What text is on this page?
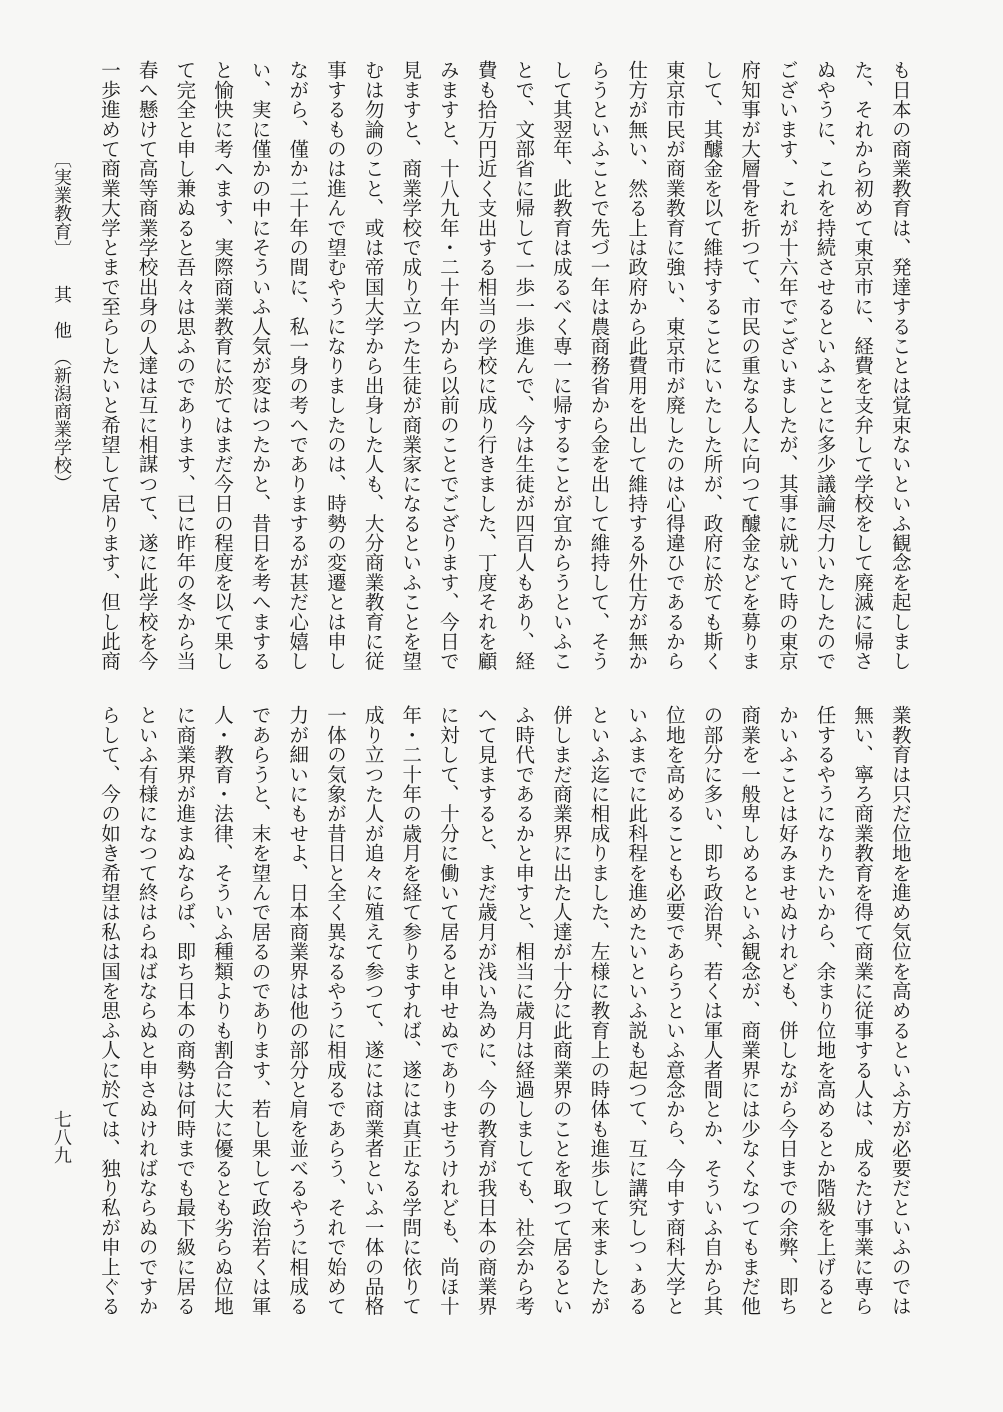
も日本の商業教育は、発達することは覚束ないといふ観念を起しまし
た、それから初めて東京市に、経費を支弁して学校をして廃滅に帰さ
ぬやうに、これを持続させるといふことに多少議論尽力いたしたので
ございます、これが十六年でございましたが、其事に就いて時の東京
府知事が大層骨を折つて、市民の重なる人に向つて醵金などを募りま
して、其醵金を以て維持することにいたした所が、政府に於ても斯く
東京市民が商業教育に強い、東京市が廃したのは心得違ひであるから
仕方が無い、然る上は政府から此費用を出して維持する外仕方が無か
らうといふことで先づ一年は農商務省から金を出して維持して、そう
して其翌年、此教育は成るべく専一に帰することが宜からうといふこ
とで、文部省に帰して一歩一歩進んで、今は生徒が四百人もあり、経
費も拾万円近く支出する相当の学校に成り行きました、丁度それを顧
みますと、十八九年・二十年内から以前のことでござります、今日で
見ますと、商業学校で成り立つた生徒が商業家になるといふことを望
むは勿論のこと、或は帝国大学から出身した人も、大分商業教育に従
事するものは進んで望むやうになりましたのは、時勢の変遷とは申し
ながら、僅か二十年の間に、私一身の考へでありまするが甚だ心嬉し
い、実に僅かの中にそういふ人気が変はつたかと、昔日を考へまする
と愉快に考へます、実際商業教育に於てはまだ今日の程度を以て果し
て完全と申し兼ぬると吾々は思ふのであります、已に昨年の冬から当
春へ懸けて高等商業学校出身の人達は互に相謀つて、遂に此学校を今
一歩進めて商業大学とまで至らしたいと希望して居ります、但し此商
業教育は只だ位地を進め気位を高めるといふ方が必要だといふのでは
無い、寧ろ商業教育を得て商業に従事する人は、成るたけ事業に専ら
任するやうになりたいから、余まり位地を高めるとか階級を上げると
かいふことは好みませぬけれども、併しながら今日までの余弊、即ち
商業を一般卑しめるといふ観念が、商業界には少なくなつてもまだ他
の部分に多い、即ち政治界、若くは軍人者間とか、そういふ自から其
位地を高めることも必要であらうといふ意念から、今申す商科大学と
いふまでに此科程を進めたいといふ説も起つて、互に講究しつゝある
といふ迄に相成りました、左様に教育上の時体も進歩して来ましたが
併しまだ商業界に出た人達が十分に此商業界のことを取つて居るとい
ふ時代であるかと申すと、相当に歳月は経過しましても、社会から考
へて見ますると、まだ歳月が浅い為めに、今の教育が我日本の商業界
に対して、十分に働いて居ると申せぬでありませうけれども、尚ほ十
年・二十年の歳月を経て参りますれば、遂には真正なる学問に依りて
成り立つた人が追々に殖えて参つて、遂には商業者といふ一体の品格
一体の気象が昔日と全く異なるやうに相成るであらう、それで始めて
力が細いにもせよ、日本商業界は他の部分と肩を並べるやうに相成る
であらうと、末を望んで居るのであります、若し果して政治若くは軍
人・教育・法律、そういふ種類よりも割合に大に優るとも劣らぬ位地
に商業界が進まぬならば、即ち日本の商勢は何時までも最下級に居る
といふ有様になつて終はらねばならぬと申さぬければならぬのですか
らして、今の如き希望は私は国を思ふ人に於ては、独り私が申上ぐる
〔実業教育〕　　其　他　（新潟商業学校）
七八九
